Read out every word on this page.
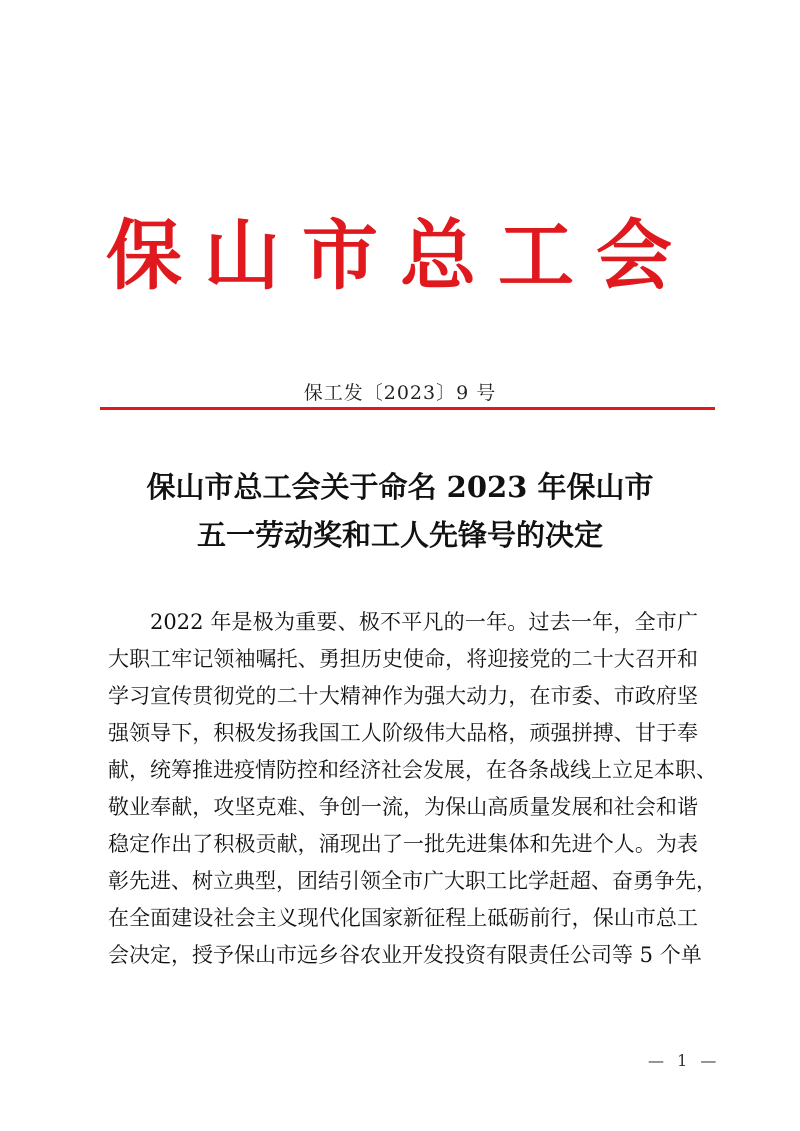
保山市总工会
保工发〔2023〕9 号
保山市总工会关于命名 2023 年保山市
五一劳动奖和工人先锋号的决定
2022 年是极为重要、极不平凡的一年。过去一年，全市广
大职工牢记领袖嘱托、勇担历史使命，将迎接党的二十大召开和
学习宣传贯彻党的二十大精神作为强大动力，在市委、市政府坚
强领导下，积极发扬我国工人阶级伟大品格，顽强拼搏、甘于奉
献，统筹推进疫情防控和经济社会发展，在各条战线上立足本职、
敬业奉献，攻坚克难、争创一流，为保山高质量发展和社会和谐
稳定作出了积极贡献，涌现出了一批先进集体和先进个人。为表
彰先进、树立典型，团结引领全市广大职工比学赶超、奋勇争先，
在全面建设社会主义现代化国家新征程上砥砺前行，保山市总工
会决定，授予保山市远乡谷农业开发投资有限责任公司等 5 个单
— 1 —
